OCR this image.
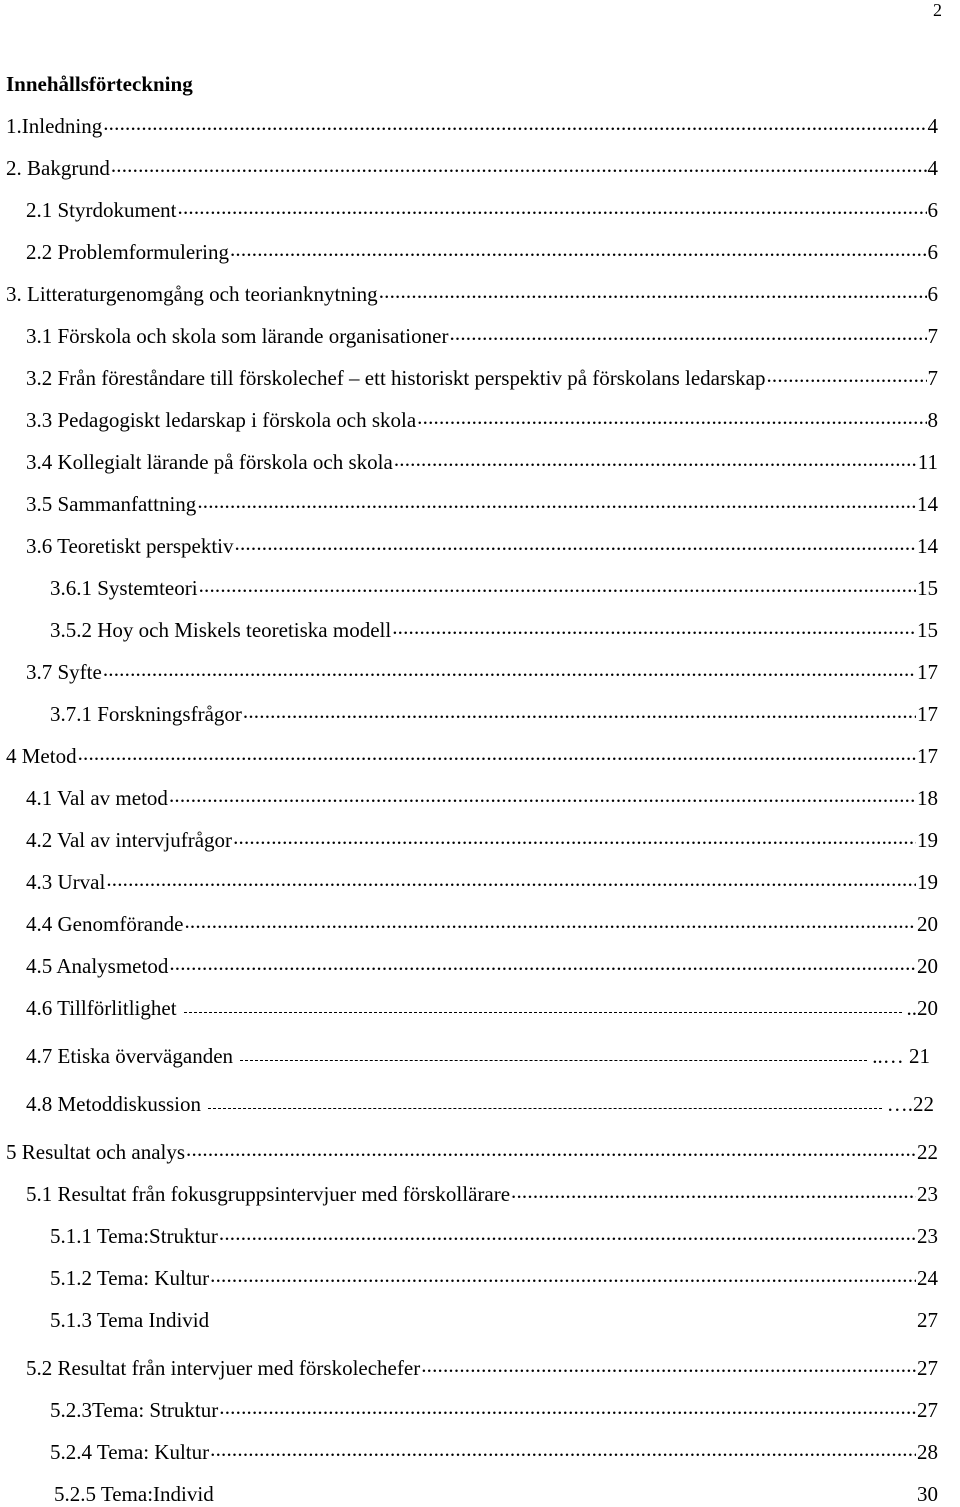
2
Innehållsförteckning
1.Inledning .....	4
2. Bakgrund .....	4
2.1 Styrdokument .....	6
2.2 Problemformulering .....	6
3. Litteraturgenomgång och teorianknytning .....	6
3.1 Förskola och skola som lärande organisationer .....	7
3.2 Från föreståndare till förskolechef – ett historiskt perspektiv på förskolans ledarskap .....	7
3.3 Pedagogiskt ledarskap i förskola och skola .....	8
3.4 Kollegialt lärande på förskola och skola .....	11
3.5 Sammanfattning .....	14
3.6 Teoretiskt perspektiv .....	14
3.6.1 Systemteori .....	15
3.5.2 Hoy och Miskels teoretiska modell .....	15
3.7 Syfte .....	17
3.7.1 Forskningsfrågor .....	17
4 Metod .....	17
4.1 Val av metod .....	18
4.2 Val av intervjufrågor .....	19
4.3 Urval .....	19
4.4 Genomförande .....	20
4.5 Analysmetod .....	20
4.6 Tillförlitlighet	..20
4.7 Etiska överväganden	..… 21
4.8 Metoddiskussion	….22
5 Resultat och analys .....	22
5.1 Resultat från fokusgruppsintervjuer med förskollärare .....	23
5.1.1 Tema:Struktur .....	23
5.1.2 Tema: Kultur .....	24
5.1.3 Tema Individ	27
5.2 Resultat från intervjuer med förskolechefer .....	27
5.2.3Tema: Struktur .....	27
5.2.4 Tema: Kultur .....	28
5.2.5 Tema:Individ	30
